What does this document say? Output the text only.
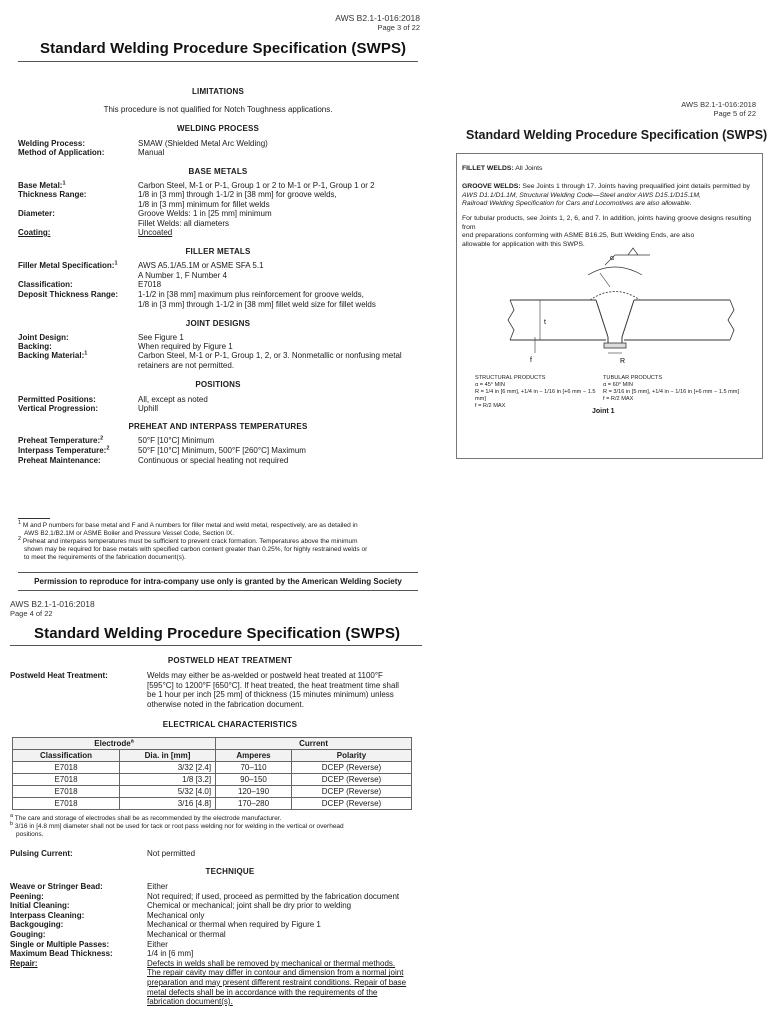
AWS B2.1-1-016:2018
Page 3 of 22
Standard Welding Procedure Specification (SWPS)
LIMITATIONS
This procedure is not qualified for Notch Toughness applications.
WELDING PROCESS
Welding Process:	SMAW (Shielded Metal Arc Welding)
Method of Application:	Manual
BASE METALS
Base Metal:$^1$	Carbon Steel, M-1 or P-1, Group 1 or 2 to M-1 or P-1, Group 1 or 2
Thickness Range:	1/8 in [3 mm] through 1-1/2 in [38 mm] for groove welds,
1/8 in [3 mm] minimum for fillet welds
Diameter:	Groove Welds: 1 in [25 mm] minimum
Fillet Welds: all diameters
Coating:	Uncoated
FILLER METALS
Filler Metal Specification:$^1$	AWS A5.1/A5.1M or ASME SFA 5.1
A Number 1, F Number 4
Classification:	E7018
Deposit Thickness Range:	1-1/2 in [38 mm] maximum plus reinforcement for groove welds,
1/8 in [3 mm] through 1-1/2 in [38 mm] fillet weld size for fillet welds
JOINT DESIGNS
Joint Design:	See Figure 1
Backing:	When required by Figure 1
Backing Material:$^1$	Carbon Steel, M-1 or P-1, Group 1, 2, or 3. Nonmetallic or nonfusing metal
retainers are not permitted.
POSITIONS
Permitted Positions:	All, except as noted
Vertical Progression:	Uphill
PREHEAT AND INTERPASS TEMPERATURES
Preheat Temperature:$^2$	50°F [10°C] Minimum
Interpass Temperature:$^2$	50°F [10°C] Minimum, 500°F [260°C] Maximum
Preheat Maintenance:	Continuous or special heating not required
$^1$ M and P numbers for base metal and F and A numbers for filler metal and weld metal, respectively, are as detailed in
AWS B2.1/B2.1M or ASME Boiler and Pressure Vessel Code, Section IX.
$^2$ Preheat and interpass temperatures must be sufficient to prevent crack formation. Temperatures above the minimum
shown may be required for base metals with specified carbon content greater than 0.25%, for highly restrained welds or
to meet the requirements of the fabrication document(s).
Permission to reproduce for intra-company use only is granted by the American Welding Society
AWS B2.1-1-016:2018
Page 5 of 22
Standard Welding Procedure Specification (SWPS)
FILLET WELDS: All Joints
GROOVE WELDS: See Joints 1 through 17. Joints having prequalified joint details permitted by
AWS D1.1/D1.1M, Structural Welding Code—Steel and/or AWS D15.1/D15.1M,
Railroad Welding Specification for Cars and Locomotives are also allowable.
For tubular products, see Joints 1, 2, 6, and 7. In addition, joints having groove designs resulting from
end preparations conforming with ASME B16.25, Butt Welding Ends, are also
allowable for application with this SWPS.
α
t
R
f
STRUCTURAL PRODUCTS
α = 45° MIN
R = 1/4 in [6 mm], +1/4 in − 1/16 in [+6 mm − 1.5 mm]
f = R/2 MAX
TUBULAR PRODUCTS
α = 60° MIN
R = 3/16 in [5 mm], +1/4 in − 1/16 in [+6 mm − 1.5 mm]
f = R/2 MAX
Joint 1
AWS B2.1-1-016:2018
Page 4 of 22
Standard Welding Procedure Specification (SWPS)
POSTWELD HEAT TREATMENT
Postweld Heat Treatment:	Welds may either be as-welded or postweld heat treated at 1100°F
[595°C] to 1200°F [650°C]. If heat treated, the heat treatment time shall
be 1 hour per inch [25 mm] of thickness (15 minutes minimum) unless
otherwise noted in the fabrication document.
ELECTRICAL CHARACTERISTICS
Electrode$^a$		Current	
Classification	Dia. in [mm]	Amperes	Polarity
E7018	3/32 [2.4]	70–110	DCEP (Reverse)
E7018	1/8 [3.2]	90–150	DCEP (Reverse)
E7018	5/32 [4.0]	120–190	DCEP (Reverse)
E7018	3/16 [4.8]	170–280	DCEP (Reverse)
$^a$ The care and storage of electrodes shall be as recommended by the electrode manufacturer.
$^b$ 3/16 in [4.8 mm] diameter shall not be used for tack or root pass welding nor for welding in the vertical or overhead
positions.
Pulsing Current:	Not permitted
TECHNIQUE
Weave or Stringer Bead:	Either
Peening:	Not required; if used, proceed as permitted by the fabrication document
Initial Cleaning:	Chemical or mechanical; joint shall be dry prior to welding
Interpass Cleaning:	Mechanical only
Backgouging:	Mechanical or thermal when required by Figure 1
Gouging:	Mechanical or thermal
Single or Multiple Passes:	Either
Maximum Bead Thickness:	1/4 in [6 mm]
Repair:	Defects in welds shall be removed by mechanical or thermal methods.
The repair cavity may differ in contour and dimension from a normal joint
preparation and may present different restraint conditions. Repair of base
metal defects shall be in accordance with the requirements of the
fabrication document(s).
